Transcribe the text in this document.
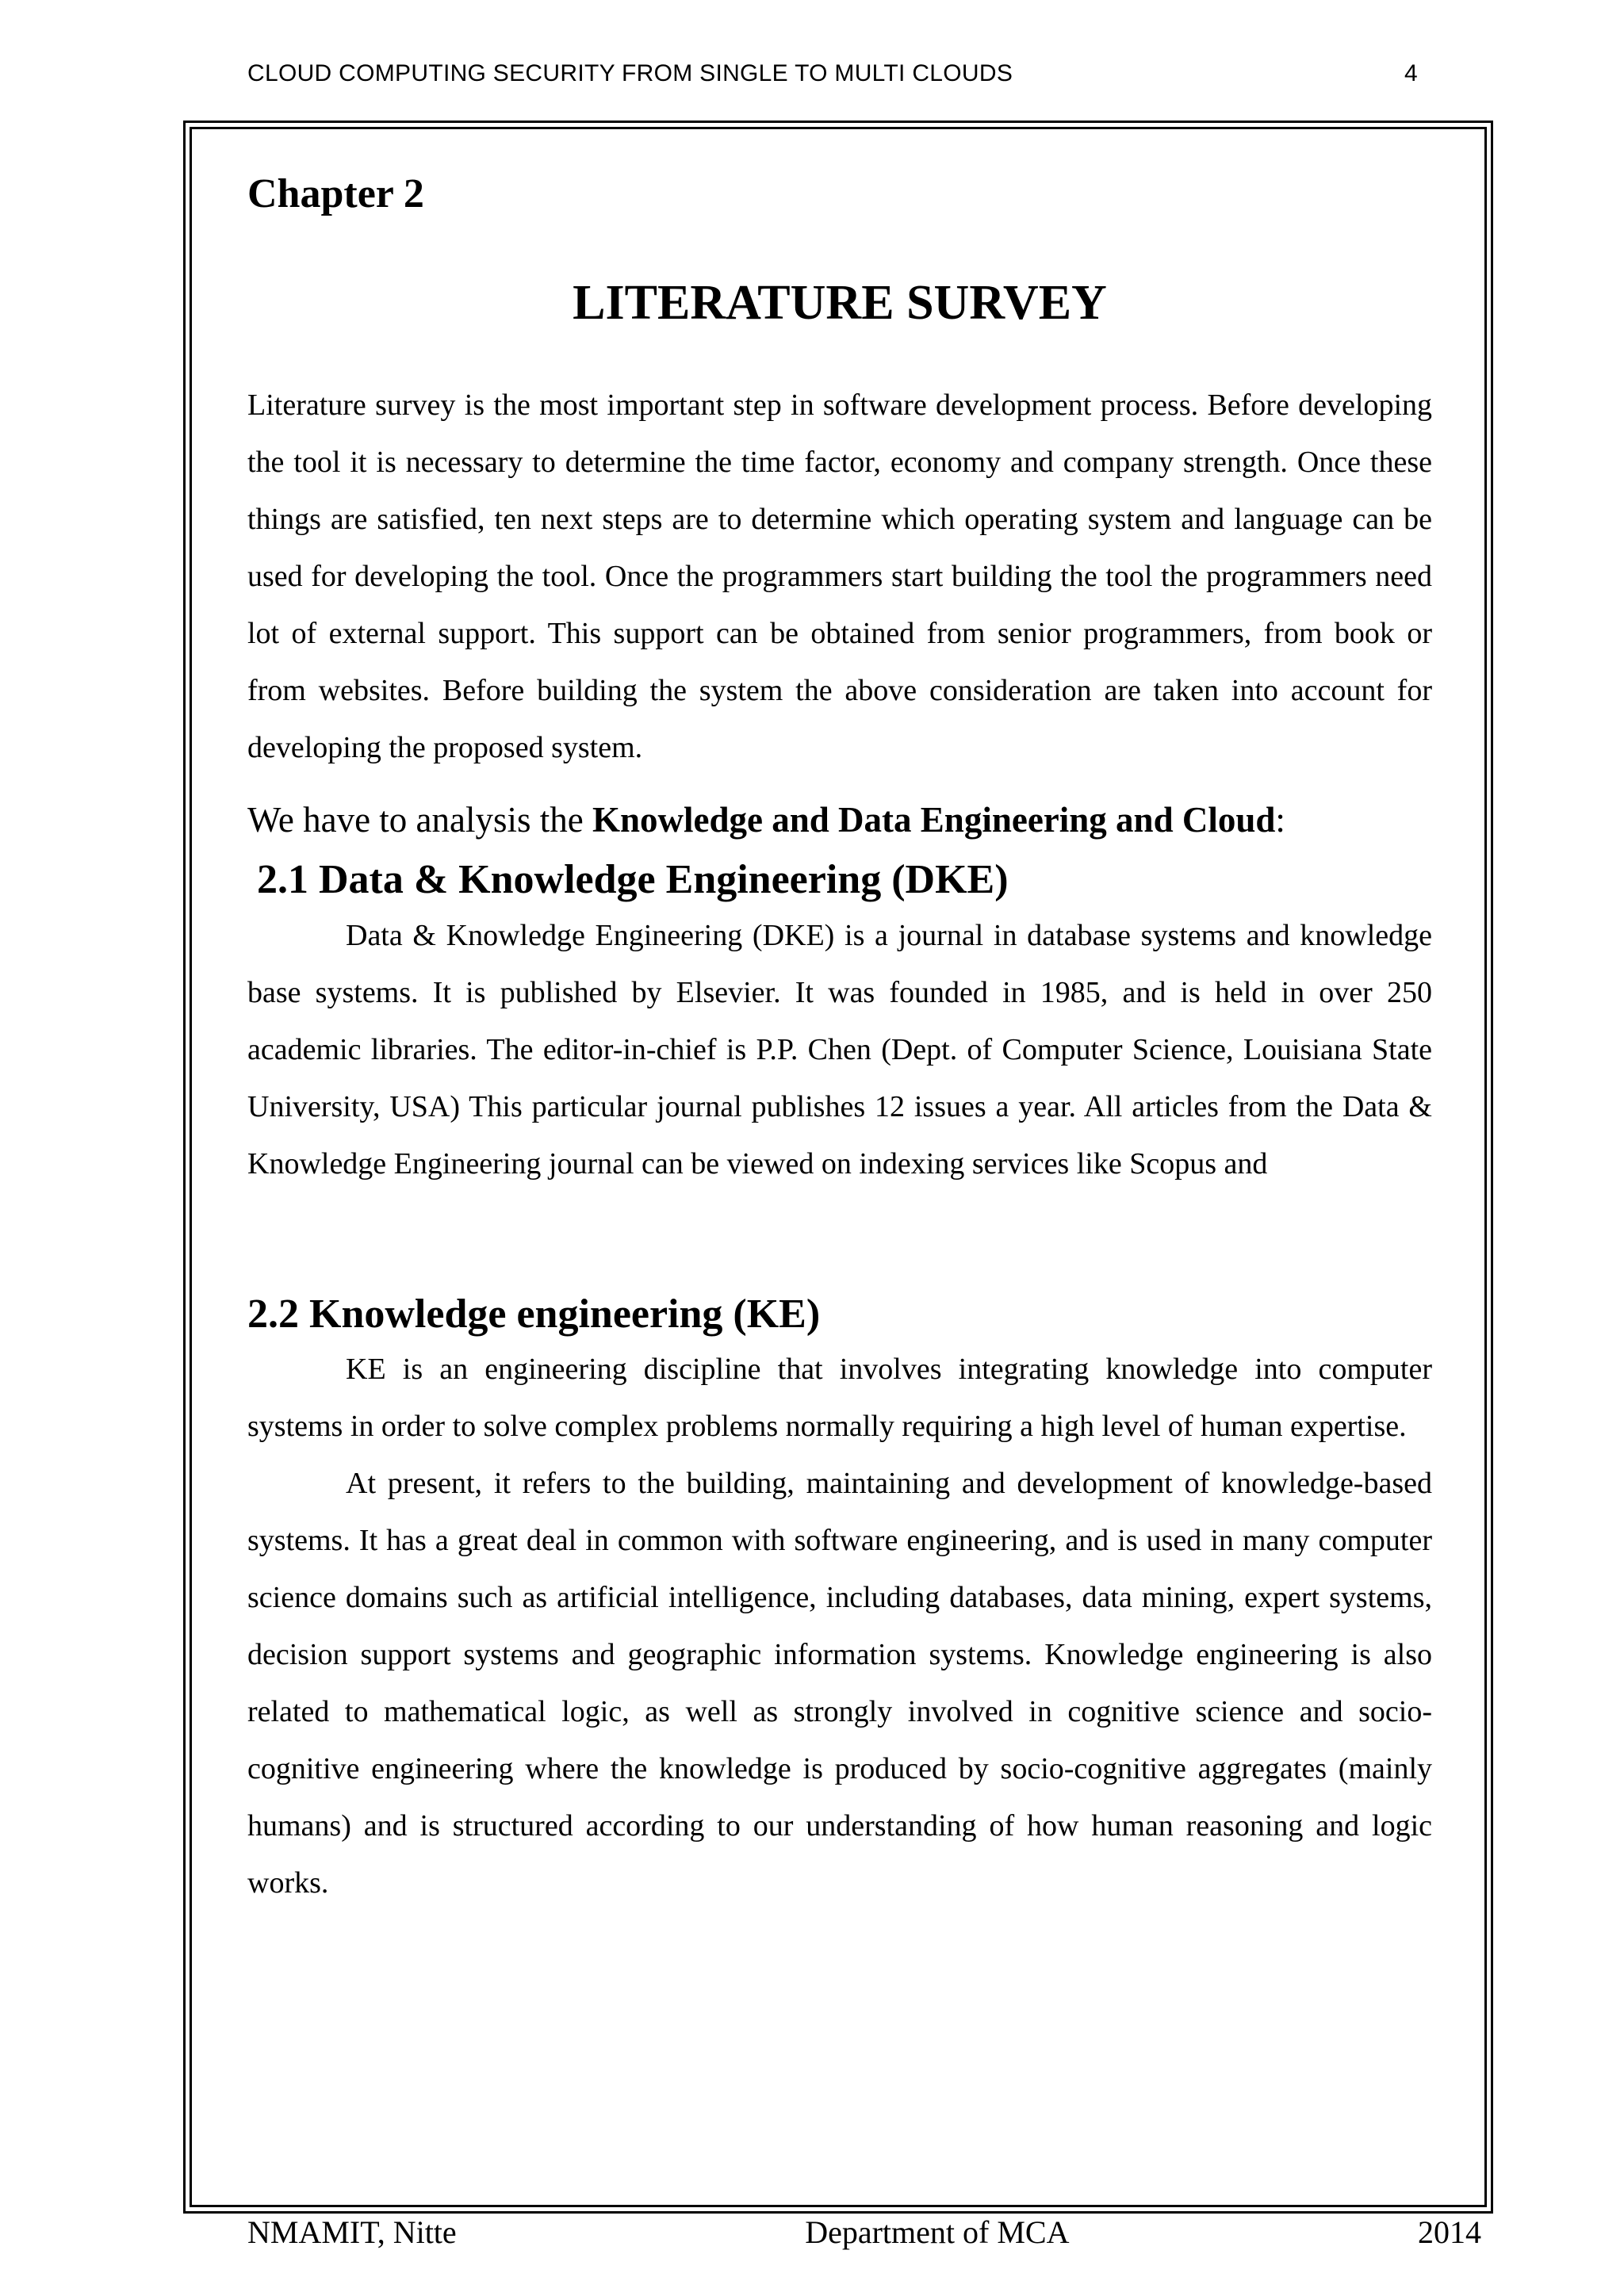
CLOUD COMPUTING SECURITY FROM SINGLE TO MULTI CLOUDS	4
Chapter 2
LITERATURE SURVEY

Literature survey is the most important step in software development process. Before developing the tool it is necessary to determine the time factor, economy and company strength. Once these things are satisfied, ten next steps are to determine which operating system and language can be used for developing the tool. Once the programmers start building the tool the programmers need lot of external support. This support can be obtained from senior programmers, from book or from websites. Before building the system the above consideration are taken into account for developing the proposed system.

We have to analysis the Knowledge and Data Engineering and Cloud:

2.1 Data & Knowledge Engineering (DKE)

Data & Knowledge Engineering (DKE) is a journal in database systems and knowledge base systems. It is published by Elsevier. It was founded in 1985, and is held in over 250 academic libraries. The editor-in-chief is P.P. Chen (Dept. of Computer Science, Louisiana State University, USA) This particular journal publishes 12 issues a year. All articles from the Data & Knowledge Engineering journal can be viewed on indexing services like Scopus and

2.2 Knowledge engineering (KE)

KE is an engineering discipline that involves integrating knowledge into computer systems in order to solve complex problems normally requiring a high level of human expertise.

At present, it refers to the building, maintaining and development of knowledge-based systems. It has a great deal in common with software engineering, and is used in many computer science domains such as artificial intelligence, including databases, data mining, expert systems, decision support systems and geographic information systems. Knowledge engineering is also related to mathematical logic, as well as strongly involved in cognitive science and socio-cognitive engineering where the knowledge is produced by socio-cognitive aggregates (mainly humans) and is structured according to our understanding of how human reasoning and logic works.

NMAMIT, Nitte	Department of MCA	2014
